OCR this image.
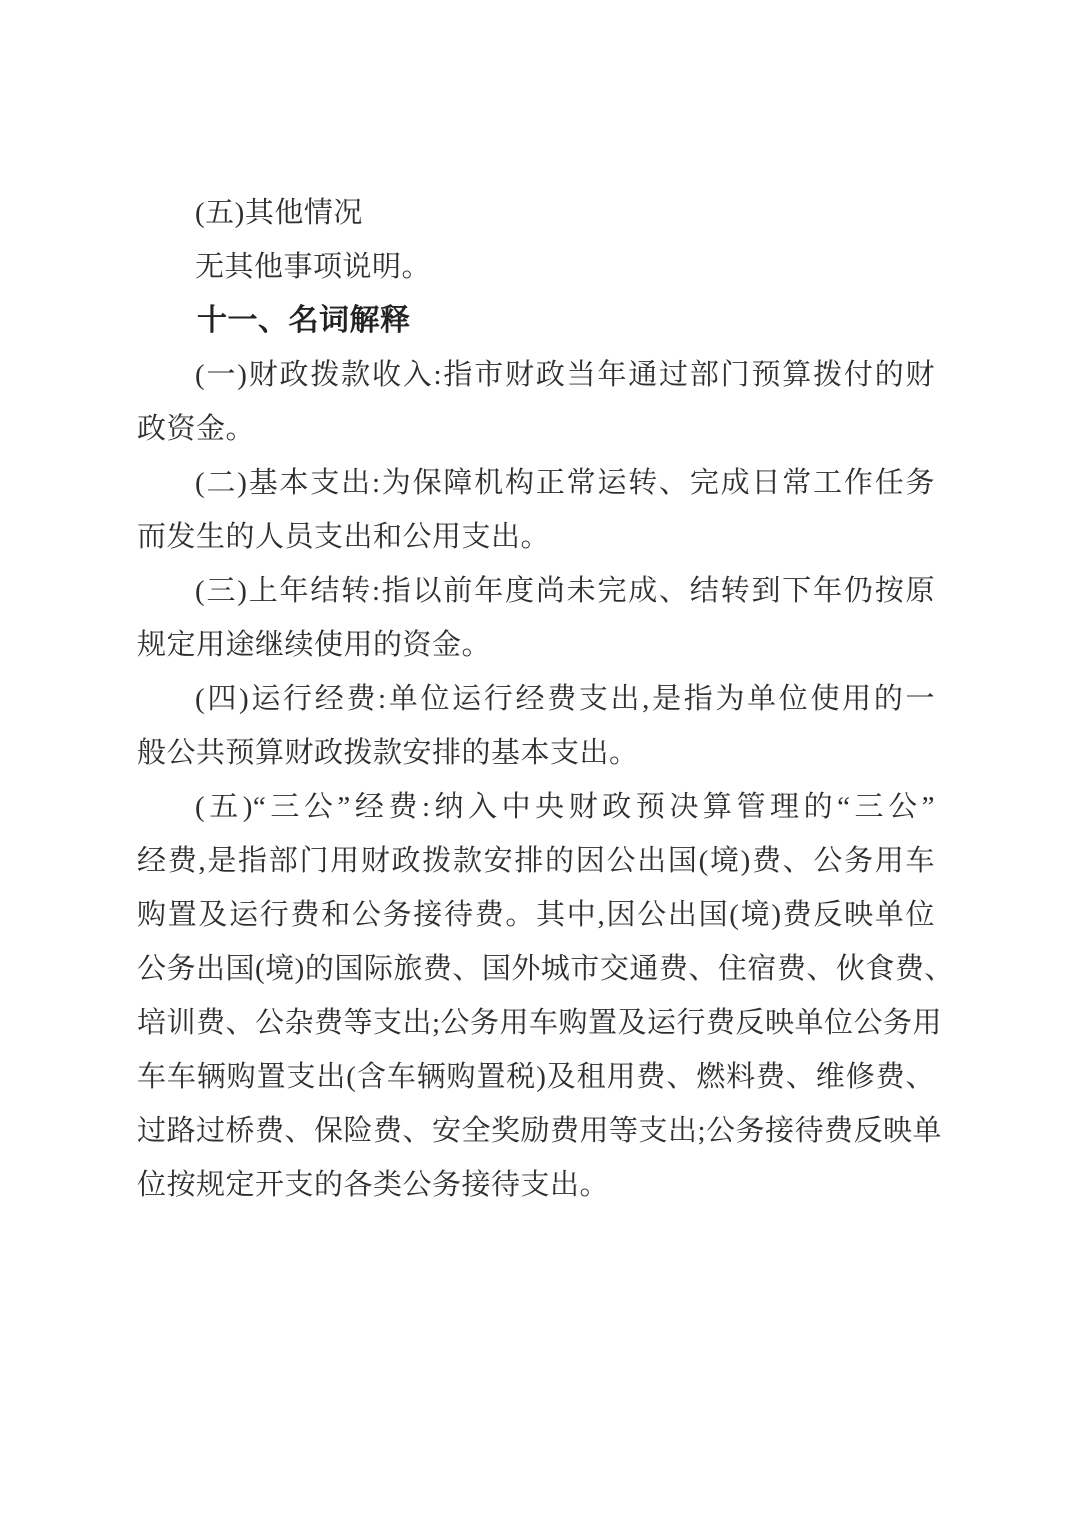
(五)其他情况
无其他事项说明。
十一、名词解释
(一)财政拨款收入:指市财政当年通过部门预算拨付的财
政资金。
(二)基本支出:为保障机构正常运转、完成日常工作任务
而发生的人员支出和公用支出。
(三)上年结转:指以前年度尚未完成、结转到下年仍按原
规定用途继续使用的资金。
(四)运行经费:单位运行经费支出,是指为单位使用的一
般公共预算财政拨款安排的基本支出。
(五)“三公”经费:纳入中央财政预决算管理的“三公”
经费,是指部门用财政拨款安排的因公出国(境)费、公务用车
购置及运行费和公务接待费。其中,因公出国(境)费反映单位
公务出国(境)的国际旅费、国外城市交通费、住宿费、伙食费、
培训费、公杂费等支出;公务用车购置及运行费反映单位公务用
车车辆购置支出(含车辆购置税)及租用费、燃料费、维修费、
过路过桥费、保险费、安全奖励费用等支出;公务接待费反映单
位按规定开支的各类公务接待支出。
